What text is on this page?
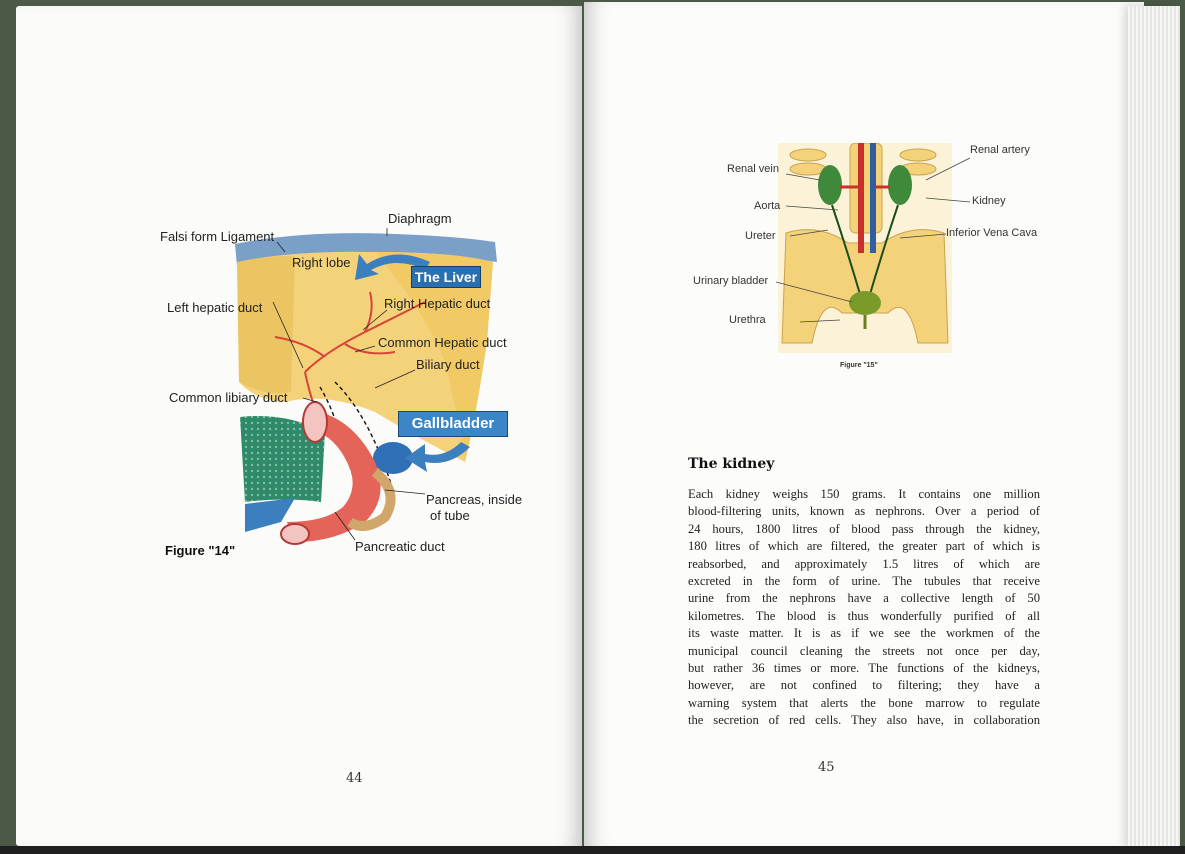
Diaphragm
Falsi form Ligament
Right lobe
The Liver
Left hepatic duct	Right Hepatic duct
Common Hepatic duct
Biliary duct
Common libiary duct
Gallbladder
Pancreas, inside
of tube
Pancreatic duct
Figure "14"
44
Renal vein
Renal artery
Aorta	Kidney
Ureter	Inferior Vena Cava
Urinary bladder
Urethra
Figure "15"
The kidney
Each kidney weighs 150 grams. It contains one million
blood-filtering units, known as nephrons. Over a period of
24 hours, 1800 litres of blood pass through the kidney,
180 litres of which are filtered, the greater part of which is
reabsorbed, and approximately 1.5 litres of which are
excreted in the form of urine. The tubules that receive
urine from the nephrons have a collective length of 50
kilometres. The blood is thus wonderfully purified of all
its waste matter. It is as if we see the workmen of the
municipal council cleaning the streets not once per day,
but rather 36 times or more. The functions of the kidneys,
however, are not confined to filtering; they have a
warning system that alerts the bone marrow to regulate
the secretion of red cells. They also have, in collaboration
45
